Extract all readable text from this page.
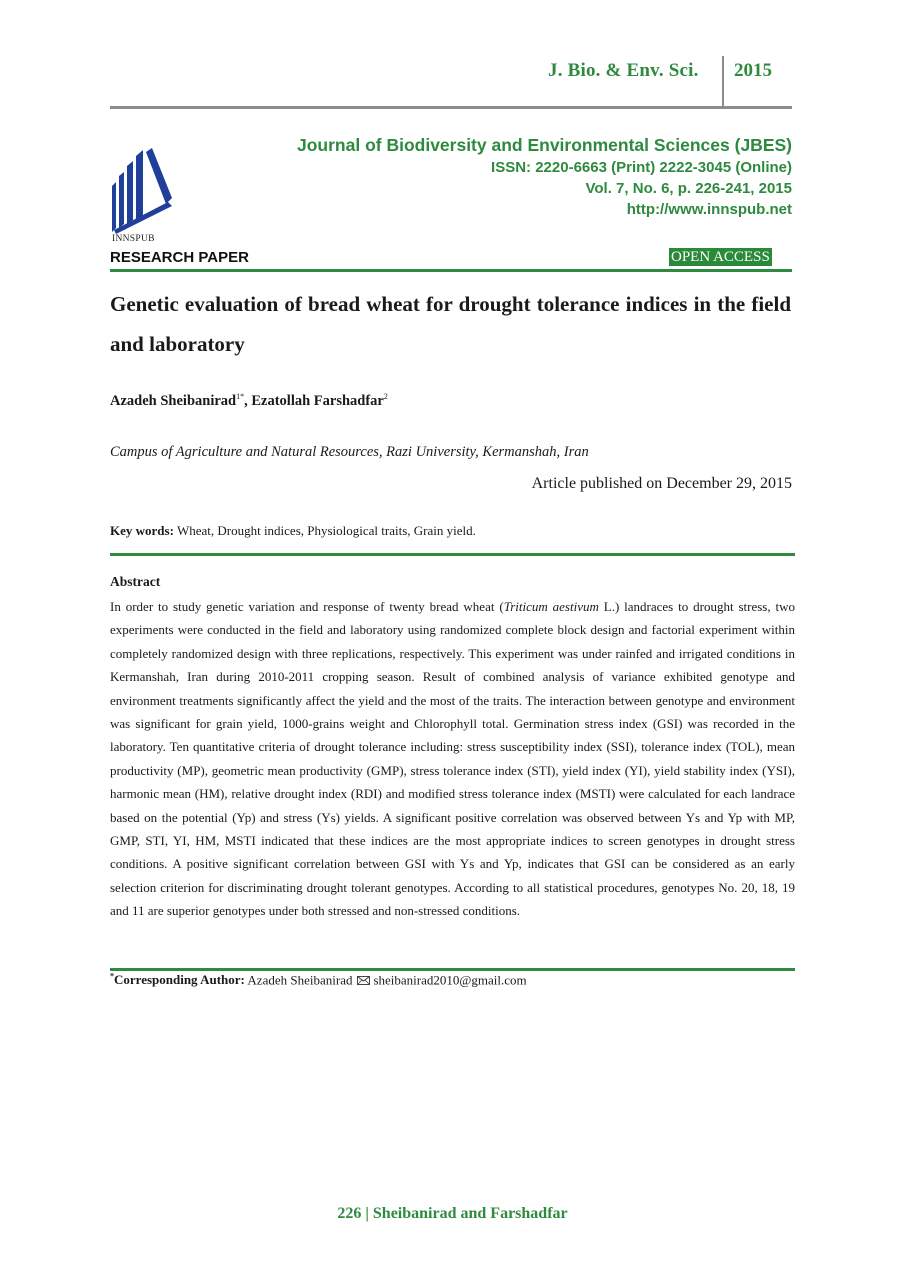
J. Bio. & Env. Sci. 2015
INNSPUB
Journal of Biodiversity and Environmental Sciences (JBES)
ISSN: 2220-6663 (Print) 2222-3045 (Online)
Vol. 7, No. 6, p. 226-241, 2015
http://www.innspub.net
RESEARCH PAPER	OPEN ACCESS
Genetic evaluation of bread wheat for drought tolerance indices in the field and laboratory
Azadeh Sheibanirad$^{1*}$, Ezatollah Farshadfar$^2$
Campus of Agriculture and Natural Resources, Razi University, Kermanshah, Iran
Article published on December 29, 2015
Key words: Wheat, Drought indices, Physiological traits, Grain yield.
Abstract
In order to study genetic variation and response of twenty bread wheat (Triticum aestivum L.) landraces to drought stress, two experiments were conducted in the field and laboratory using randomized complete block design and factorial experiment within completely randomized design with three replications, respectively. This experiment was under rainfed and irrigated conditions in Kermanshah, Iran during 2010-2011 cropping season. Result of combined analysis of variance exhibited genotype and environment treatments significantly affect the yield and the most of the traits. The interaction between genotype and environment was significant for grain yield, 1000-grains weight and Chlorophyll total. Germination stress index (GSI) was recorded in the laboratory. Ten quantitative criteria of drought tolerance including: stress susceptibility index (SSI), tolerance index (TOL), mean productivity (MP), geometric mean productivity (GMP), stress tolerance index (STI), yield index (YI), yield stability index (YSI), harmonic mean (HM), relative drought index (RDI) and modified stress tolerance index (MSTI) were calculated for each landrace based on the potential (Yp) and stress (Ys) yields. A significant positive correlation was observed between Ys and Yp with MP, GMP, STI, YI, HM, MSTI indicated that these indices are the most appropriate indices to screen genotypes in drought stress conditions. A positive significant correlation between GSI with Ys and Yp, indicates that GSI can be considered as an early selection criterion for discriminating drought tolerant genotypes. According to all statistical procedures, genotypes No. 20, 18, 19 and 11 are superior genotypes under both stressed and non-stressed conditions.
*Corresponding Author: Azadeh Sheibanirad sheibanirad2010@gmail.com
226 | Sheibanirad and Farshadfar
